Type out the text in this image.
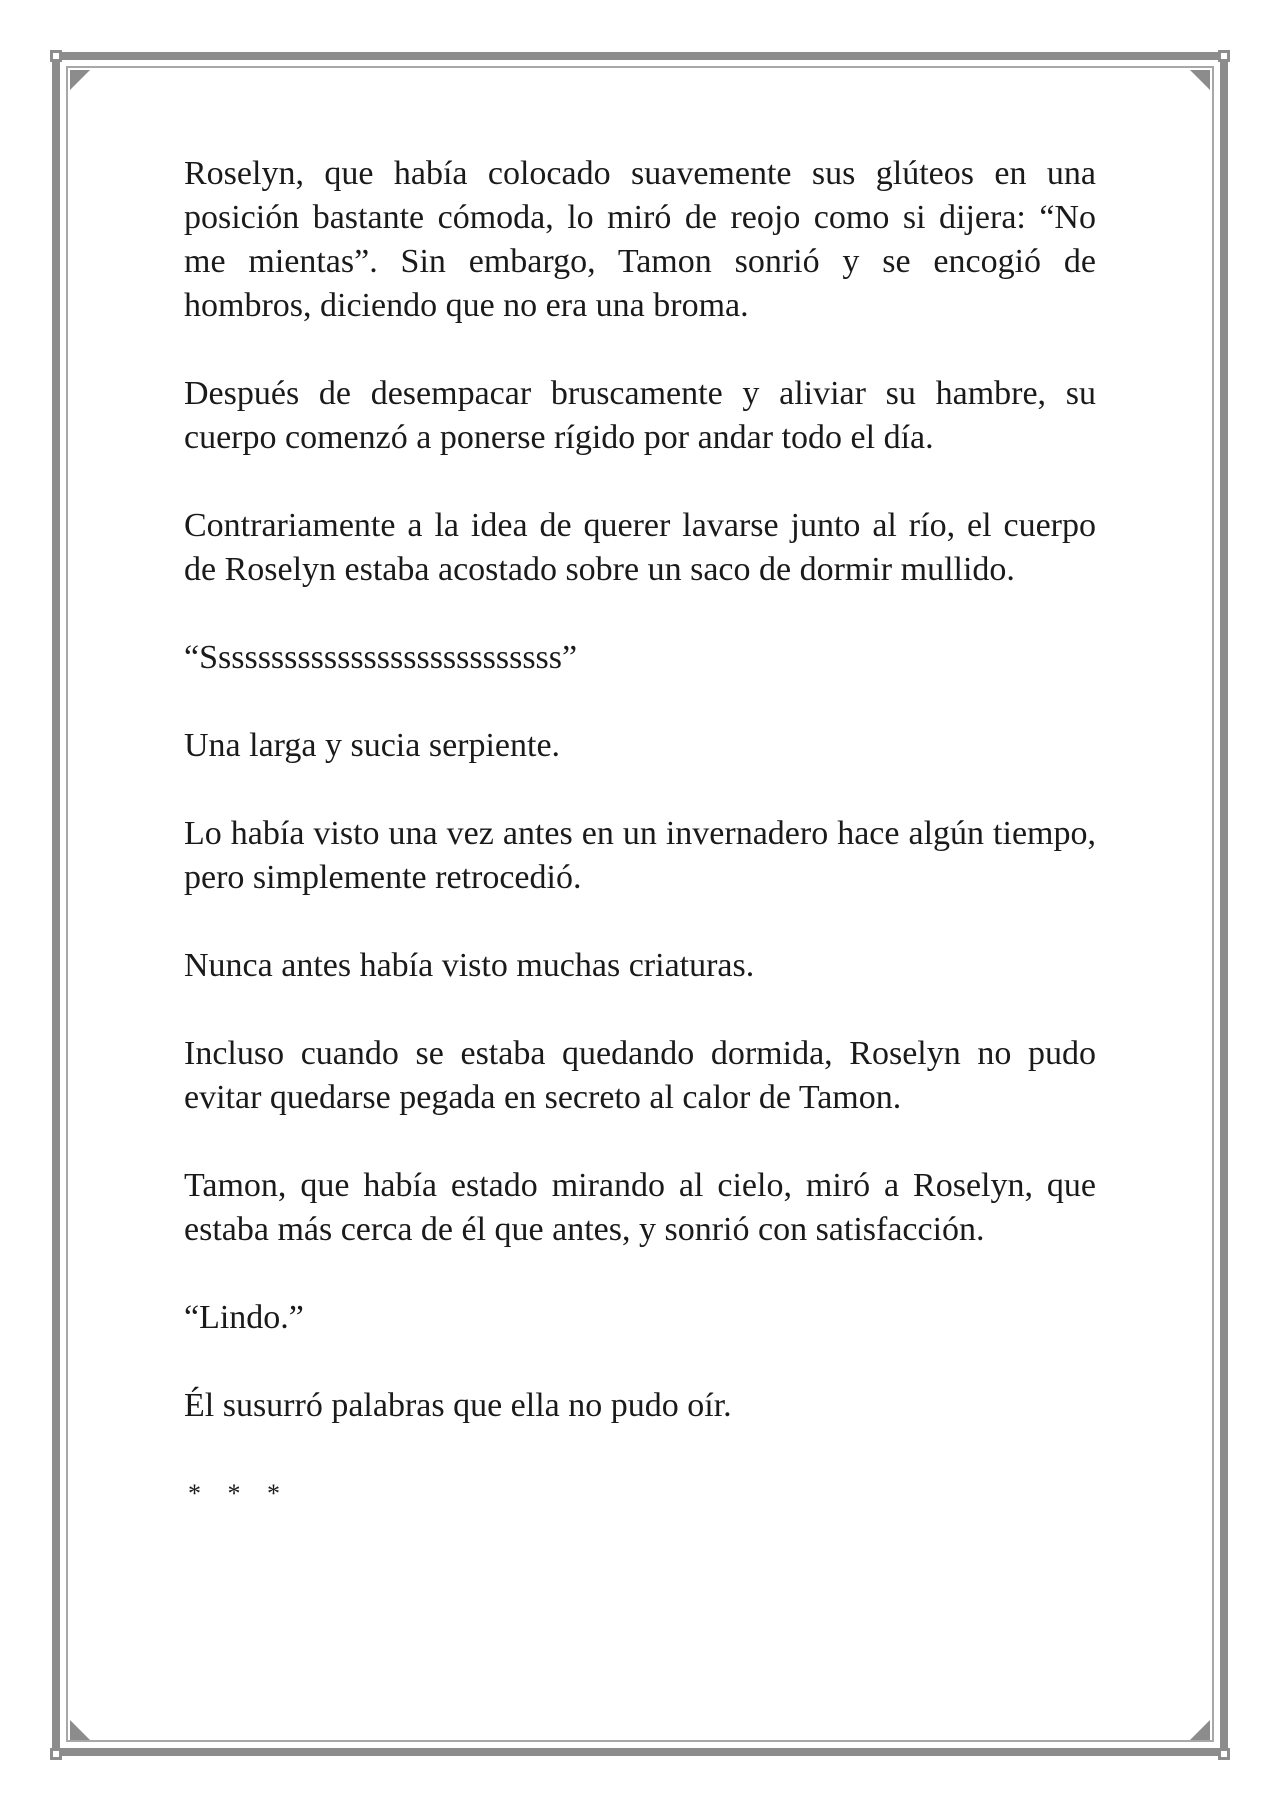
Roselyn, que había colocado suavemente sus glúteos en una posición bastante cómoda, lo miró de reojo como si dijera: “No me mientas”. Sin embargo, Tamon sonrió y se encogió de hombros, diciendo que no era una broma.

Después de desempacar bruscamente y aliviar su hambre, su cuerpo comenzó a ponerse rígido por andar todo el día.

Contrariamente a la idea de querer lavarse junto al río, el cuerpo de Roselyn estaba acostado sobre un saco de dormir mullido.

“Sssssssssssssssssssssssssss”

Una larga y sucia serpiente.

Lo había visto una vez antes en un invernadero hace algún tiempo, pero simplemente retrocedió.

Nunca antes había visto muchas criaturas.

Incluso cuando se estaba quedando dormida, Roselyn no pudo evitar quedarse pegada en secreto al calor de Tamon.

Tamon, que había estado mirando al cielo, miró a Roselyn, que estaba más cerca de él que antes, y sonrió con satisfacción.

“Lindo.”

Él susurró palabras que ella no pudo oír.

* * *
